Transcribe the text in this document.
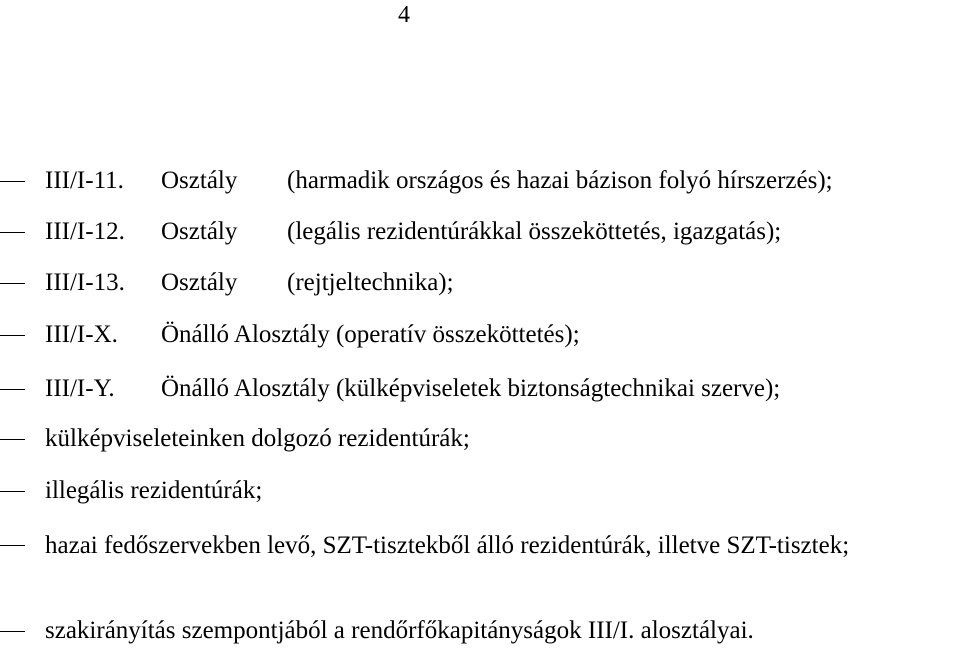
4
III/I-11. Osztály (harmadik országos és hazai bázison folyó hírszerzés);
III/I-12. Osztály (legális rezidentúrákkal összeköttetés, igazgatás);
III/I-13. Osztály (rejtjeltechnika);
III/I-X. Önálló Alosztály (operatív összeköttetés);
III/I-Y. Önálló Alosztály (külképviseletek biztonságtechnikai szerve);
külképviseleteinken dolgozó rezidentúrák;
illegális rezidentúrák;
hazai fedőszervekben levő, SZT-tisztekből álló rezidentúrák, illetve SZT-tisztek;
szakirányítás szempontjából a rendőrfőkapitányságok III/I. alosztályai.
